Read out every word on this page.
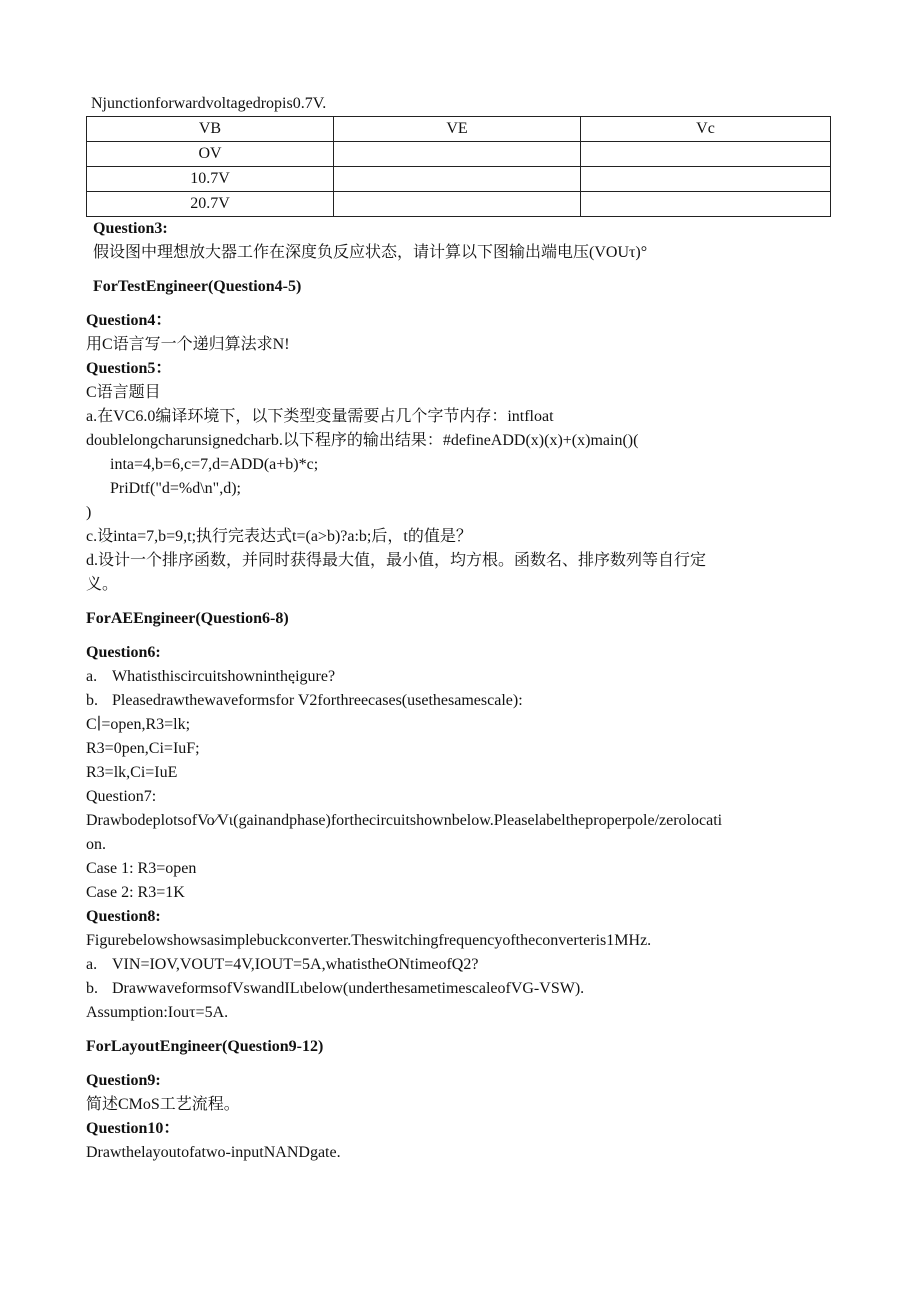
Njunctionforwardvoltagedropis0.7V.
VB	VE	Vc
OV		
10.7V		
20.7V		
Question3:
假设图中理想放大器工作在深度负反应状态，请计算以下图输出端电压(VOUτ)°
ForTestEngineer(Question4-5)
Question4：
用C语言写一个递归算法求N!
Question5：
C语言题目
a.在VC6.0编译环境下，以下类型变量需要占几个字节内存：intfloat
doublelongcharunsignedcharb.以下程序的输出结果：#defineADD(x)(x)+(x)main()(
inta=4,b=6,c=7,d=ADD(a+b)*c;
PriDtf("d=%d\n",d);
)
c.设inta=7,b=9,t;执行完表达式t=(a>b)?a:b;后，t的值是？
d.设计一个排序函数，并同时获得最大值，最小值，均方根。函数名、排序数列等自行定
义。
ForAEEngineer(Question6-8)
Question6:
a. Whatisthiscircuitshownintheฺigure?
b. Pleasedrawthewaveformsfor V2forthreecases(usethesamescale):
C∣=open,R3=lk;
R3=0pen,Ci=IuF;
R3=lk,Ci=IuE
Question7:
DrawbodeplotsofVo∕Vι(gainandphase)forthecircuitshownbelow.Pleaselabeltheproperpole/zerolocati
on.
Case 1: R3=open
Case 2: R3=1K
Question8:
Figurebelowshowsasimplebuckconverter.Theswitchingfrequencyoftheconverteris1MHz.
a. VIN=IOV,VOUT=4V,IOUT=5A,whatistheONtimeofQ2?
b. DrawwaveformsofVswandILιbelow(underthesametimescaleofVG-VSW).
Assumption:Iouτ=5A.
ForLayoutEngineer(Question9-12)
Question9:
简述CMoS工艺流程。
Question10：
Drawthelayoutofatwo-inputNANDgate.
